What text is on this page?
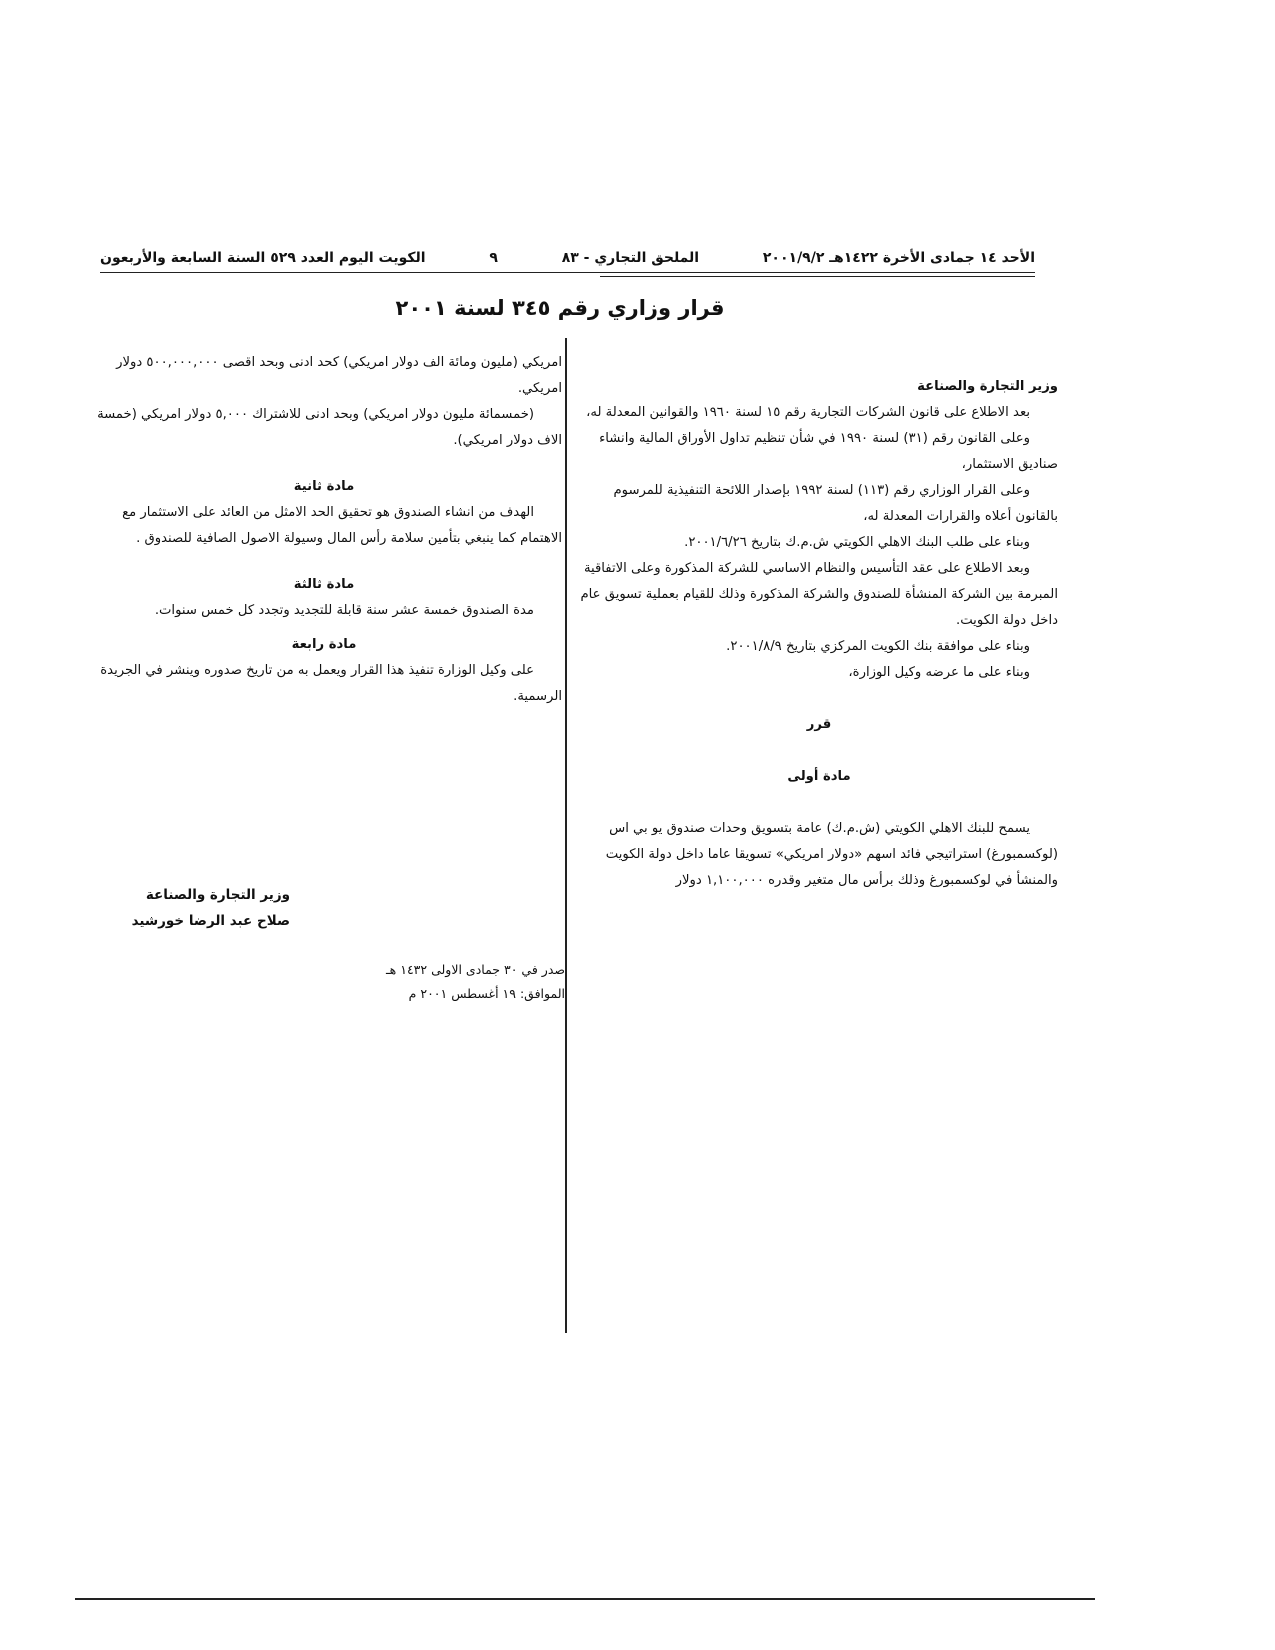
الكويت اليوم العدد ٥٢٩ السنة السابعة والأربعون	٩	الملحق التجاري - ٨٣	الأحد ١٤ جمادى الأخرة ١٤٢٢هـ ٢٠٠١/٩/٢
قرار وزاري رقم ٣٤٥ لسنة ٢٠٠١

وزير التجارة والصناعة

بعد الاطلاع على قانون الشركات التجارية رقم ١٥ لسنة ١٩٦٠ والقوانين المعدلة له،

وعلى القانون رقم (٣١) لسنة ١٩٩٠ في شأن تنظيم تداول الأوراق المالية وانشاء صناديق الاستثمار،

وعلى القرار الوزاري رقم (١١٣) لسنة ١٩٩٢ بإصدار اللائحة التنفيذية للمرسوم بالقانون أعلاه والقرارات المعدلة له،

وبناء على طلب البنك الاهلي الكويتي ش.م.ك بتاريخ ٢٠٠١/٦/٢٦.

وبعد الاطلاع على عقد التأسيس والنظام الاساسي للشركة المذكورة وعلى الاتفاقية المبرمة بين الشركة المنشأة للصندوق والشركة المذكورة وذلك للقيام بعملية تسويق عام داخل دولة الكويت.

وبناء على موافقة بنك الكويت المركزي بتاريخ ٢٠٠١/٨/٩.

وبناء على ما عرضه وكيل الوزارة،

قرر

مادة أولى

يسمح للبنك الاهلي الكويتي (ش.م.ك) عامة بتسويق وحدات صندوق يو بي اس (لوكسمبورغ) استراتيجي فائد اسهم «دولار امريكي» تسويقا عاما داخل دولة الكويت والمنشأ في لوكسمبورغ وذلك برأس مال متغير وقدره ١,١٠٠,٠٠٠ دولار

امريكي (مليون ومائة الف دولار امريكي) كحد ادنى وبحد اقصى ٥٠٠,٠٠٠,٠٠٠ دولار امريكي.

(خمسمائة مليون دولار امريكي) وبحد ادنى للاشتراك ٥,٠٠٠ دولار امريكي (خمسة الاف دولار امريكي).

مادة ثانية

الهدف من انشاء الصندوق هو تحقيق الحد الامثل من العائد على الاستثمار مع الاهتمام كما ينبغي بتأمين سلامة رأس المال وسيولة الاصول الصافية للصندوق .

مادة ثالثة

مدة الصندوق خمسة عشر سنة قابلة للتجديد وتجدد كل خمس سنوات.

مادة رابعة

على وكيل الوزارة تنفيذ هذا القرار ويعمل به من تاريخ صدوره وينشر في الجريدة الرسمية.

وزير التجارة والصناعة
صلاح عبد الرضا خورشيد
صدر في ٣٠ جمادى الاولى ١٤٣٢ هـ
الموافق: ١٩ أغسطس ٢٠٠١ م
